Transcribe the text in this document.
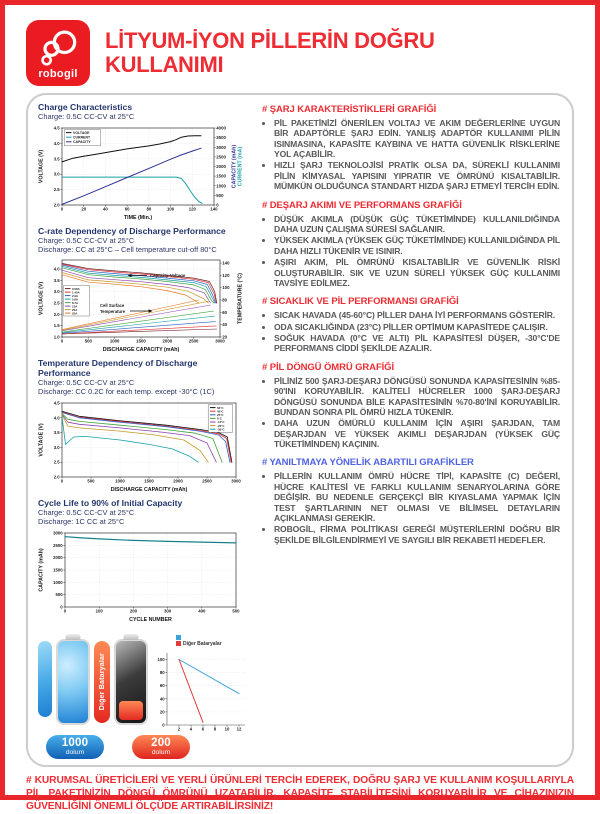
robogil
LİTYUM-İYON PİLLERİN DOĞRU KULLANIMI
Charge Characteristics
Charge: 0.5C CC-CV at 25°C
0	20	40	60	80	100	120	140
2.0
2.5
3.0
3.5
4.0
4.5
0
500
1000
1500
2000
2500
3000
3500
4000
TIME (Min.)
VOLTAGE (V)	CAPACITY (mAh) CURRENT (mA)
VOLTAGE
CURRENT
CAPACITY
C-rate Dependency of Discharge Performance
Charge: 0.5C CC-CV at 25°C
Discharge: CC at 25°C – Cell temperature cut-off 80°C
0	500	1000	1500	2000	2500	3000
1.0
1.5
2.0
2.5
3.0
3.5
4.0
20
40
60
80
100
120
140
DISCHARGE CAPACITY (mAh)
VOLTAGE (V)	TEMPERATURE (°C)
0.58A
1.45A
2.9A
5.8A
8.7A
15A
20A
25A
Capacity-Voltage
Cell Surface
Temperature
Temperature Dependency of Discharge Performance
Charge: 0.5C CC-CV at 25°C
Discharge: CC 0.2C for each temp. except -30°C (1C)
0	500	1000	1500	2000	2500	3000
2.0
2.5
3.0
3.5
4.0
4.5
DISCHARGE CAPACITY (mAh)
VOLTAGE (V)
60°C
45°C
25°C
0°C
-10°C
-20°C
-30°C
Cycle Life to 90% of Initial Capacity
Charge: 0.5C CC-CV at 25°C
Discharge: 1C CC at 25°C
0	100	200	300	400	500
0
500
1000
1500
2000
2500
3000
CYCLE NUMBER
CAPACITY (mAh)
Diğer Bataryalar
Diğer Bataryalar
2 4 6 8 10 12
0
20
40
60
80
100
1000
dolum
200
dolum
# ŞARJ KARAKTERİSTİKLERİ GRAFİĞİ
• PİL PAKETİNİZİ ÖNERİLEN VOLTAJ VE AKIM DEĞERLERİNE UYGUN BİR ADAPTÖRLE ŞARJ EDİN. YANLIŞ ADAPTÖR KULLANIMI PİLİN ISINMASINA, KAPASİTE KAYBINA VE HATTA GÜVENLİK RİSKLERİNE YOL AÇABİLİR.
• HIZLI ŞARJ TEKNOLOJİSİ PRATİK OLSA DA, SÜREKLİ KULLANIMI PİLİN KİMYASAL YAPISINI YIPRATIR VE ÖMRÜNÜ KISALTABİLİR. MÜMKÜN OLDUĞUNCA STANDART HIZDA ŞARJ ETMEYİ TERCİH EDİN.
# DEŞARJ AKIMI VE PERFORMANS GRAFİĞİ
• DÜŞÜK AKIMLA (DÜŞÜK GÜÇ TÜKETİMİNDE) KULLANILDIĞINDA DAHA UZUN ÇALIŞMA SÜRESİ SAĞLANIR.
• YÜKSEK AKIMLA (YÜKSEK GÜÇ TÜKETİMİNDE) KULLANILDIĞINDA PİL DAHA HIZLI TÜKENİR VE ISINIR.
• AŞIRI AKIM, PİL ÖMRÜNÜ KISALTABİLİR VE GÜVENLİK RİSKİ OLUŞTURABİLİR. SIK VE UZUN SÜRELİ YÜKSEK GÜÇ KULLANIMI TAVSİYE EDİLMEZ.
# SICAKLIK VE PİL PERFORMANSI GRAFİĞİ
• SICAK HAVADA (45-60°C) PİLLER DAHA İYİ PERFORMANS GÖSTERİR.
• ODA SICAKLIĞINDA (23°C) PİLLER OPTİMUM KAPASİTEDE ÇALIŞIR.
• SOĞUK HAVADA (0°C VE ALTI) PİL KAPASİTESİ DÜŞER, -30°C'DE PERFORMANS CİDDİ ŞEKİLDE AZALIR.
# PİL DÖNGÜ ÖMRÜ GRAFİĞİ
• PİLİNİZ 500 ŞARJ-DEŞARJ DÖNGÜSÜ SONUNDA KAPASİTESİNİN %85-90'INI KORUYABİLİR. KALİTELİ HÜCRELER 1000 ŞARJ-DEŞARJ DÖNGÜSÜ SONUNDA BİLE KAPASİTESİNİN %70-80'İNİ KORUYABİLİR. BUNDAN SONRA PİL ÖMRÜ HIZLA TÜKENİR.
• DAHA UZUN ÖMÜRLÜ KULLANIM İÇİN AŞIRI ŞARJDAN, TAM DEŞARJDAN VE YÜKSEK AKIMLI DEŞARJDAN (YÜKSEK GÜÇ TÜKETİMİNDEN) KAÇININ.
# YANILTMAYA YÖNELİK ABARTILI GRAFİKLER
• PİLLERİN KULLANIM ÖMRÜ HÜCRE TİPİ, KAPASİTE (C) DEĞERİ, HÜCRE KALİTESİ VE FARKLI KULLANIM SENARYOLARINA GÖRE DEĞİŞİR. BU NEDENLE GERÇEKÇİ BİR KIYASLAMA YAPMAK İÇİN TEST ŞARTLARININ NET OLMASI VE BİLİMSEL DETAYLARIN AÇIKLANMASI GEREKİR.
• ROBOGİL, FİRMA POLİTİKASI GEREĞİ MÜŞTERİLERİNİ DOĞRU BİR ŞEKİLDE BİLGİLENDİRMEYİ VE SAYGILI BİR REKABETİ HEDEFLER.
# KURUMSAL ÜRETİCİLERİ VE YERLİ ÜRÜNLERİ TERCİH EDEREK, DOĞRU ŞARJ VE KULLANIM KOŞULLARIYLA PİL PAKETİNİZİN DÖNGÜ ÖMRÜNÜ UZATABİLİR, KAPASİTE STABİLİTESİNİ KORUYABİLİR VE CİHAZINIZIN GÜVENLİĞİNİ ÖNEMLİ ÖLÇÜDE ARTIRABİLİRSİNİZ!
